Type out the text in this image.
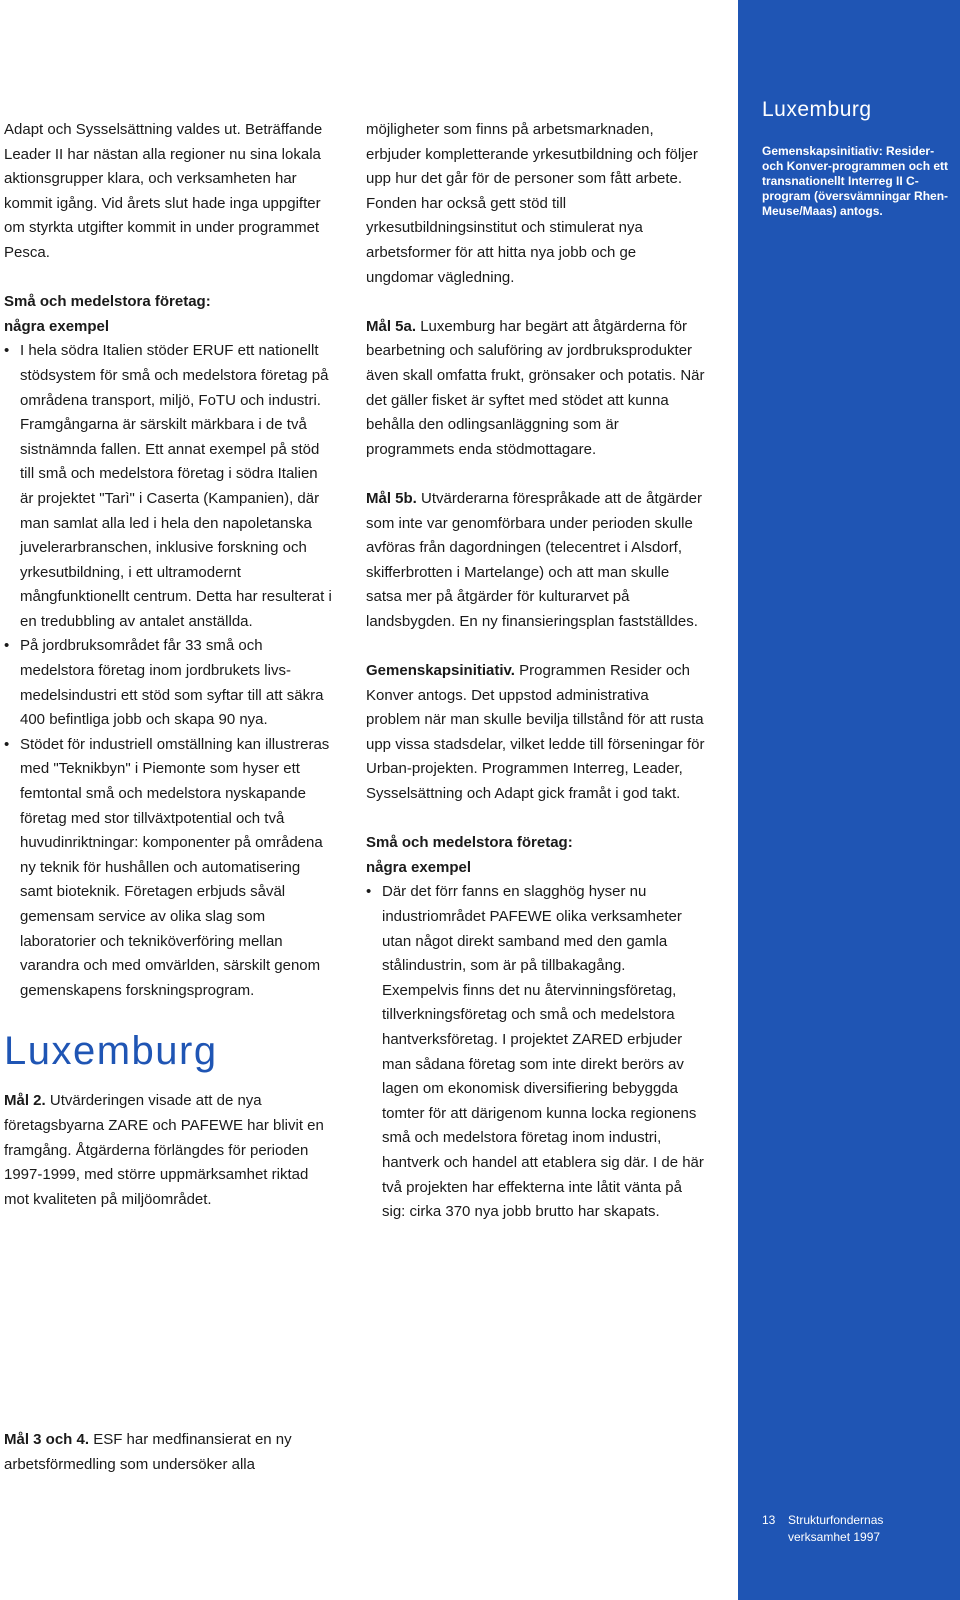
Luxemburg
Gemenskapsinitiativ: Resider- och Konver-programmen och ett transnationellt Interreg II C-program (översvämningar Rhen-Meuse/Maas) antogs.
13 Strukturfondernas
verksamhet 1997

Adapt och Sysselsättning valdes ut. Beträffande Leader II har nästan alla regioner nu sina lokala aktionsgrupper klara, och verksamheten har kommit igång. Vid årets slut hade inga uppgifter om styrkta utgifter kommit in under programmet Pesca.

Små och medelstora företag:

några exempel

• I hela södra Italien stöder ERUF ett nationellt stödsystem för små och medelstora företag på områdena transport, miljö, FoTU och industri. Framgångarna är särskilt märkbara i de två sistnämnda fallen. Ett annat exempel på stöd till små och medelstora företag i södra Italien är projektet "Tarì" i Caserta (Kampanien), där man samlat alla led i hela den napoletanska juvelerarbranschen, inklusive forskning och yrkesutbildning, i ett ultramodernt mångfunktionellt centrum. Detta har resulterat i en tredubbling av antalet anställda.
• På jordbruksområdet får 33 små och medelstora företag inom jordbrukets livs-medelsindustri ett stöd som syftar till att säkra 400 befintliga jobb och skapa 90 nya.
• Stödet för industriell omställning kan illustreras med "Teknikbyn" i Piemonte som hyser ett femtontal små och medelstora nyskapande företag med stor tillväxtpotential och två huvudinriktningar: komponenter på områdena ny teknik för hushållen och automatisering samt bioteknik. Företagen erbjuds såväl gemensam service av olika slag som laboratorier och tekniköverföring mellan varandra och med omvärlden, särskilt genom gemenskapens forskningsprogram.
Luxemburg

Mål 2. Utvärderingen visade att de nya företagsbyarna ZARE och PAFEWE har blivit en framgång. Åtgärderna förlängdes för perioden 1997-1999, med större uppmärksamhet riktad mot kvaliteten på miljöområdet.

Mål 3 och 4. ESF har medfinansierat en ny arbetsförmedling som undersöker alla

möjligheter som finns på arbetsmarknaden, erbjuder kompletterande yrkesutbildning och följer upp hur det går för de personer som fått arbete. Fonden har också gett stöd till yrkesutbildningsinstitut och stimulerat nya arbetsformer för att hitta nya jobb och ge ungdomar vägledning.

Mål 5a. Luxemburg har begärt att åtgärderna för bearbetning och saluföring av jordbruksprodukter även skall omfatta frukt, grönsaker och potatis. När det gäller fisket är syftet med stödet att kunna behålla den odlingsanläggning som är programmets enda stödmottagare.

Mål 5b. Utvärderarna förespråkade att de åtgärder som inte var genomförbara under perioden skulle avföras från dagordningen (telecentret i Alsdorf, skifferbrotten i Martelange) och att man skulle satsa mer på åtgärder för kulturarvet på landsbygden. En ny finansieringsplan fastställdes.

Gemenskapsinitiativ. Programmen Resider och Konver antogs. Det uppstod administrativa problem när man skulle bevilja tillstånd för att rusta upp vissa stadsdelar, vilket ledde till förseningar för Urban-projekten. Programmen Interreg, Leader, Sysselsättning och Adapt gick framåt i god takt.

Små och medelstora företag:

några exempel

• Där det förr fanns en slagghög hyser nu industriområdet PAFEWE olika verksamheter utan något direkt samband med den gamla stålindustrin, som är på tillbakagång. Exempelvis finns det nu återvinningsföretag, tillverkningsföretag och små och medelstora hantverksföretag. I projektet ZARED erbjuder man sådana företag som inte direkt berörs av lagen om ekonomisk diversifiering bebyggda tomter för att därigenom kunna locka regionens små och medelstora företag inom industri, hantverk och handel att etablera sig där. I de här två projekten har effekterna inte låtit vänta på sig: cirka 370 nya jobb brutto har skapats.
